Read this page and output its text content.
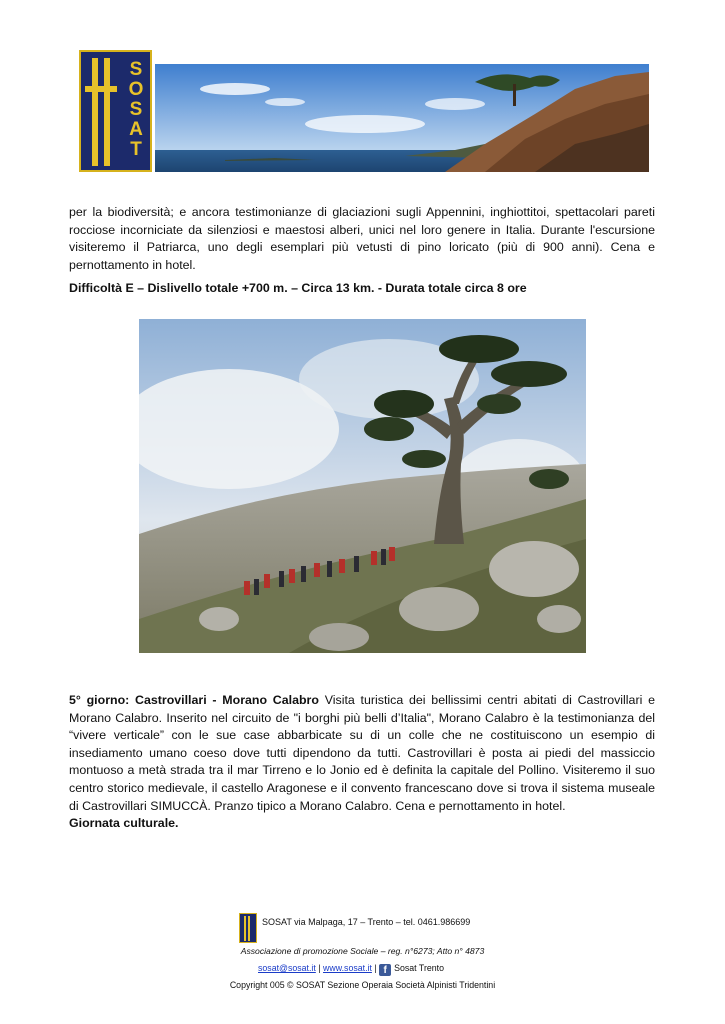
S
O
S
A
T
per la biodiversità; e ancora testimonianze di glaciazioni sugli Appennini, inghiottitoi, spettacolari pareti rocciose incorniciate da silenziosi e maestosi alberi, unici nel loro genere in Italia. Durante l'escursione visiteremo il Patriarca, uno degli esemplari più vetusti di pino loricato (più di 900 anni). Cena e pernottamento in hotel.
Difficoltà E – Dislivello totale +700 m. – Circa 13 km. - Durata totale circa 8 ore
5° giorno: Castrovillari - Morano Calabro Visita turistica dei bellissimi centri abitati di Castrovillari e Morano Calabro. Inserito nel circuito de "i borghi più belli d’Italia", Morano Calabro è la testimonianza del “vivere verticale” con le sue case abbarbicate su di un colle che ne costituiscono un esempio di insediamento umano coeso dove tutti dipendono da tutti. Castrovillari è posta ai piedi del massiccio montuoso a metà strada tra il mar Tirreno e lo Jonio ed è definita la capitale del Pollino. Visiteremo il suo centro storico medievale, il castello Aragonese e il convento francescano dove si trova il sistema museale di Castrovillari SIMUCCÀ. Pranzo tipico a Morano Calabro. Cena e pernottamento in hotel.
Giornata culturale.
SOSAT via Malpaga, 17 – Trento – tel. 0461.986699
Associazione di promozione Sociale – reg. n°6273; Atto n° 4873
sosat@sosat.it | www.sosat.it | f Sosat Trento
Copyright 005 © SOSAT Sezione Operaia Società Alpinisti Tridentini
